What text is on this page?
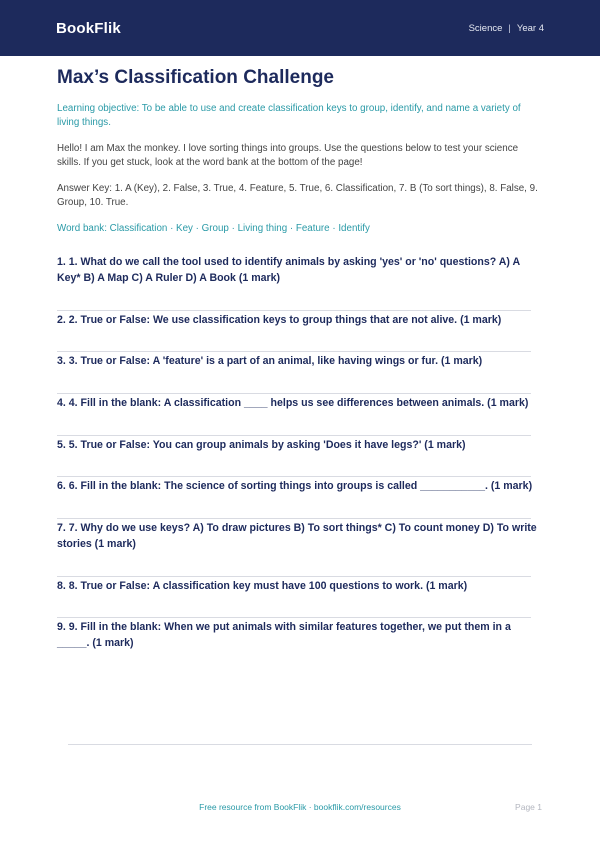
BookFlik	Science | Year 4
Max’s Classification Challenge

Learning objective: To be able to use and create classification keys to group, identify, and name a variety of living things.

Hello! I am Max the monkey. I love sorting things into groups. Use the questions below to test your science skills. If you get stuck, look at the word bank at the bottom of the page!

Answer Key: 1. A (Key), 2. False, 3. True, 4. Feature, 5. True, 6. Classification, 7. B (To sort things), 8. False, 9. Group, 10. True.

Word bank: Classification · Key · Group · Living thing · Feature · Identify

1. 1. What do we call the tool used to identify animals by asking 'yes' or 'no' questions? A) A Key* B) A Map C) A Ruler D) A Book (1 mark)
2. 2. True or False: We use classification keys to group things that are not alive. (1 mark)
3. 3. True or False: A 'feature' is a part of an animal, like having wings or fur. (1 mark)
4. 4. Fill in the blank: A classification ____ helps us see differences between animals. (1 mark)
5. 5. True or False: You can group animals by asking 'Does it have legs?' (1 mark)
6. 6. Fill in the blank: The science of sorting things into groups is called ___________. (1 mark)
7. 7. Why do we use keys? A) To draw pictures B) To sort things* C) To count money D) To write stories (1 mark)
8. 8. True or False: A classification key must have 100 questions to work. (1 mark)
9. 9. Fill in the blank: When we put animals with similar features together, we put them in a _____. (1 mark)
Free resource from BookFlik · bookflik.com/resources	Page 1
